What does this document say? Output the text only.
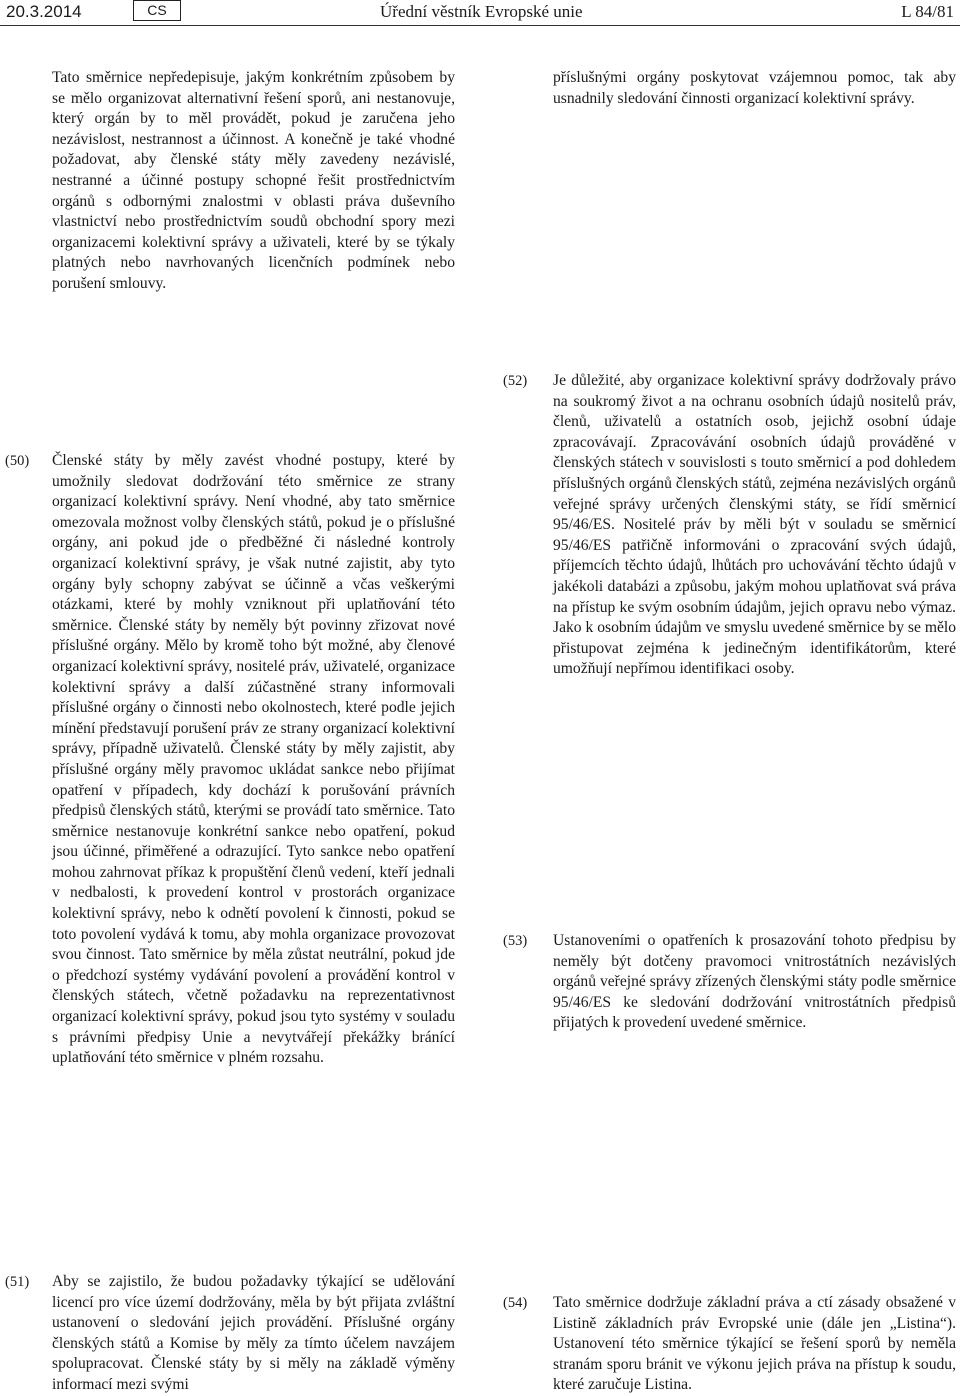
20.3.2014	CS	Úřední věstník Evropské unie	L 84/81

Tato směrnice nepředepisuje, jakým konkrétním způsobem by se mělo organizovat alternativní řešení sporů, ani nestanovuje, který orgán by to měl provádět, pokud je zaručena jeho nezávislost, nestrannost a účinnost. A konečně je také vhodné požadovat, aby členské státy měly zavedeny nezávislé, nestranné a účinné postupy schopné řešit prostřednictvím orgánů s odbornými znalostmi v oblasti práva duševního vlastnictví nebo prostřednictvím soudů obchodní spory mezi organizacemi kolektivní správy a uživateli, které by se týkaly platných nebo navrhovaných licenčních podmínek nebo porušení smlouvy.

(50) Členské státy by měly zavést vhodné postupy, které by umožnily sledovat dodržování této směrnice ze strany organizací kolektivní správy. Není vhodné, aby tato směrnice omezovala možnost volby členských států, pokud je o příslušné orgány, ani pokud jde o předběžné či následné kontroly organizací kolektivní správy, je však nutné zajistit, aby tyto orgány byly schopny zabývat se účinně a včas veškerými otázkami, které by mohly vzniknout při uplatňování této směrnice. Členské státy by neměly být povinny zřizovat nové příslušné orgány. Mělo by kromě toho být možné, aby členové organizací kolektivní správy, nositelé práv, uživatelé, organizace kolektivní správy a další zúčastněné strany informovali příslušné orgány o činnosti nebo okolnostech, které podle jejich mínění představují porušení práv ze strany organizací kolektivní správy, případně uživatelů. Členské státy by měly zajistit, aby příslušné orgány měly pravomoc ukládat sankce nebo přijímat opatření v případech, kdy dochází k porušování právních předpisů členských států, kterými se provádí tato směrnice. Tato směrnice nestanovuje konkrétní sankce nebo opatření, pokud jsou účinné, přiměřené a odrazující. Tyto sankce nebo opatření mohou zahrnovat příkaz k propuštění členů vedení, kteří jednali v nedbalosti, k provedení kontrol v prostorách organizace kolektivní správy, nebo k odnětí povolení k činnosti, pokud se toto povolení vydává k tomu, aby mohla organizace provozovat svou činnost. Tato směrnice by měla zůstat neutrální, pokud jde o předchozí systémy vydávání povolení a provádění kontrol v členských státech, včetně požadavku na reprezentativnost organizací kolektivní správy, pokud jsou tyto systémy v souladu s právními předpisy Unie a nevytvářejí překážky bránící uplatňování této směrnice v plném rozsahu.

(51) Aby se zajistilo, že budou požadavky týkající se udělování licencí pro více území dodržovány, měla by být přijata zvláštní ustanovení o sledování jejich provádění. Příslušné orgány členských států a Komise by měly za tímto účelem navzájem spolupracovat. Členské státy by si měly na základě výměny informací mezi svými

příslušnými orgány poskytovat vzájemnou pomoc, tak aby usnadnily sledování činnosti organizací kolektivní správy.

(52) Je důležité, aby organizace kolektivní správy dodržovaly právo na soukromý život a na ochranu osobních údajů nositelů práv, členů, uživatelů a ostatních osob, jejichž osobní údaje zpracovávají. Zpracovávání osobních údajů prováděné v členských státech v souvislosti s touto směrnicí a pod dohledem příslušných orgánů členských států, zejména nezávislých orgánů veřejné správy určených členskými státy, se řídí směrnicí 95/46/ES. Nositelé práv by měli být v souladu se směrnicí 95/46/ES patřičně informováni o zpracování svých údajů, příjemcích těchto údajů, lhůtách pro uchovávání těchto údajů v jakékoli databázi a způsobu, jakým mohou uplatňovat svá práva na přístup ke svým osobním údajům, jejich opravu nebo výmaz. Jako k osobním údajům ve smyslu uvedené směrnice by se mělo přistupovat zejména k jedinečným identifikátorům, které umožňují nepřímou identifikaci osoby.

(53) Ustanoveními o opatřeních k prosazování tohoto předpisu by neměly být dotčeny pravomoci vnitrostátních nezávislých orgánů veřejné správy zřízených členskými státy podle směrnice 95/46/ES ke sledování dodržování vnitrostátních předpisů přijatých k provedení uvedené směrnice.

(54) Tato směrnice dodržuje základní práva a ctí zásady obsažené v Listině základních práv Evropské unie (dále jen „Listina“). Ustanovení této směrnice týkající se řešení sporů by neměla stranám sporu bránit ve výkonu jejich práva na přístup k soudu, které zaručuje Listina.
